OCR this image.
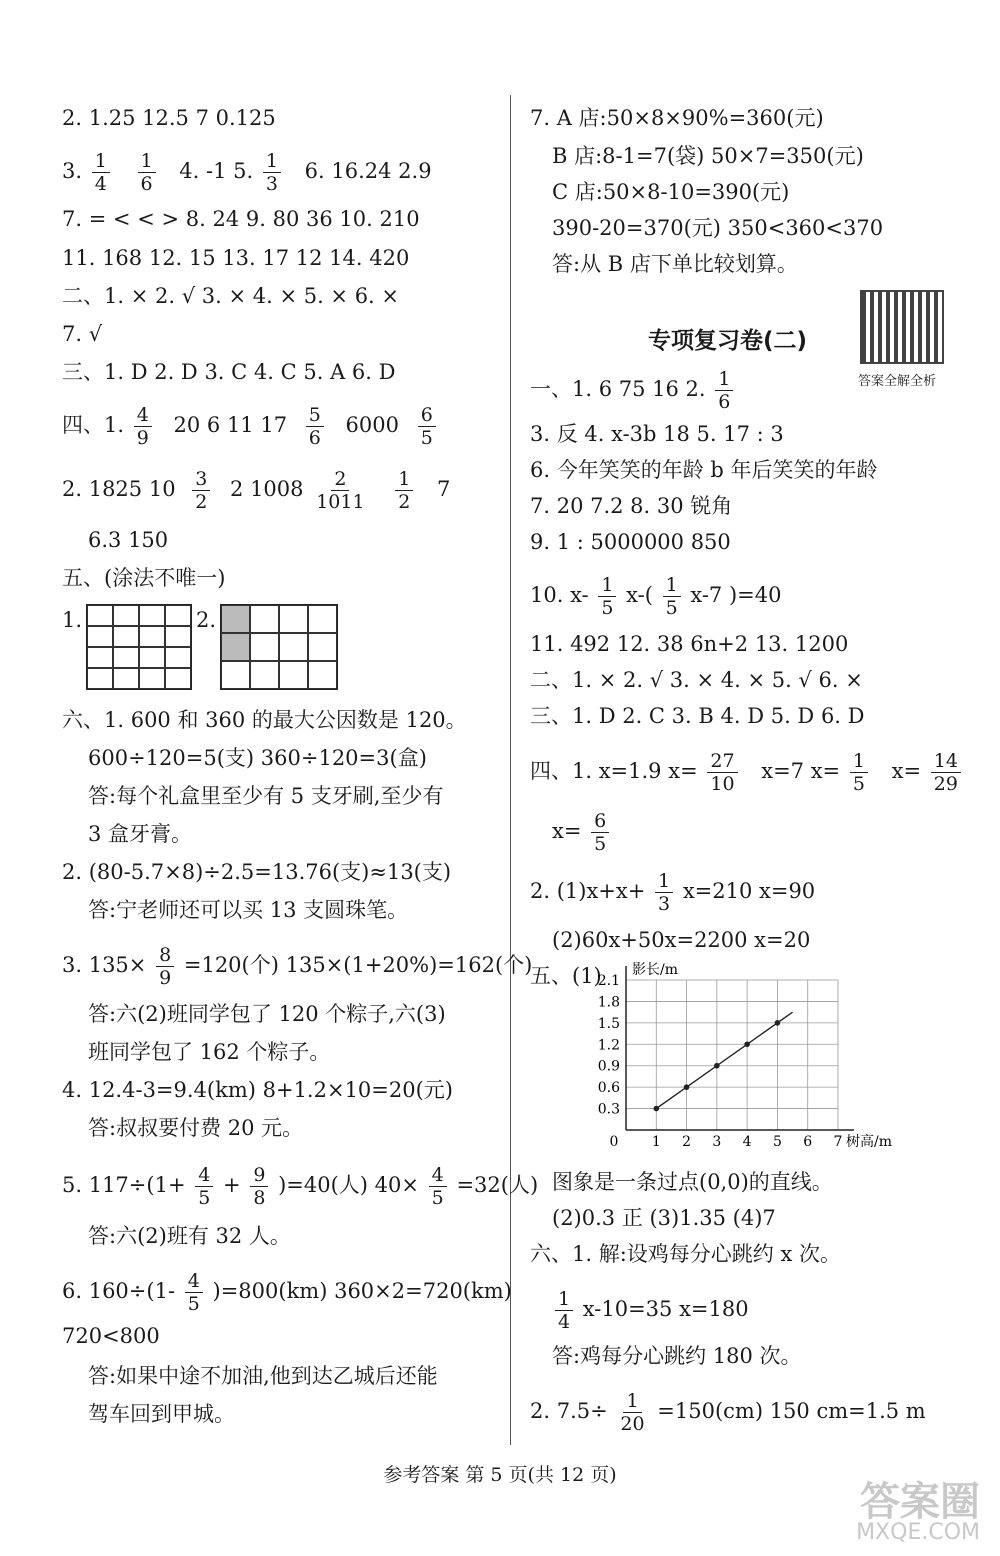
2. 1.25 12.5 7 0.125
3. $\frac{1}{4}$
$\frac{1}{6} 4$. -1 5. $\frac{1}{3} 6$. 16.24 2.9
7. = < < > 8. 24 9. 80 36 10. 210
11. 168 12. 15 13. 17 12 14. 420
二、1. × 2. √ 3. × 4. × 5. × 6. ×
7. √
三、1. D 2. D 3. C 4. C 5. A 6. D
四、1. $\frac{4}{9} 20$ 6 11 $17 \frac{5}{6} 6000 \frac{6}{5}$
2. 1825 $10 \frac{3}{2} 2$ $1008 \frac{2}{1011}$
$\frac{1}{2} 7$
6.3 150
五、(涂法不唯一)
1.	2.
六、1. 600 和 360 的最大公因数是 120。
600÷120=5(支) 360÷120=3(盒)
答:每个礼盒里至少有 5 支牙刷,至少有
3 盒牙膏。
2. (80-5.7×8)÷2.5=13.76(支)≈13(支)
答:宁老师还可以买 13 支圆珠笔。
3. $135\times \frac{8}{9} =120$(个) 135×(1+20%)=162(个)
答:六(2)班同学包了 120 个粽子,六(3)
班同学包了 162 个粽子。
4. 12.4-3=9.4(km) 8+1.2×10=20(元)
答:叔叔要付费 20 元。
5. $117\div(1+ \frac{4}{5} + \frac{9}{8} )=40$(人) $40\times \frac{4}{5} =32$(人)
答:六(2)班有 32 人。
6. $160\div(1- \frac{4}{5} )=800(km)$ 360×2=720(km)
720<800
答:如果中途不加油,他到达乙城后还能
驾车回到甲城。
7. A 店:50×8×90%=360(元)
B 店:8-1=7(袋) 50×7=350(元)
C 店:50×8-10=390(元)
390-20=370(元) 350<360<370
答:从 B 店下单比较划算。
专项复习卷(二)
答案全解全析
一、1. 6 75 16 2. $\frac{1}{6}$
3. 反 4. x-3b 18 5. 17 : 3
6. 今年笑笑的年龄 b 年后笑笑的年龄
7. 20 7.2 8. 30 锐角
9. 1 : 5000000 850
10. $x- \frac{1}{5} x-( \frac{1}{5} x-7$ )=40
11. 492 12. 38 6n+2 13. 1200
二、1. × 2. √ 3. × 4. × 5. √ 6. ×
三、1. D 2. C 3. B 4. D 5. D 6. D
四、1. x=1.9 $x= \frac{27}{10} x=7$ $x= \frac{1}{5} x= \frac{14}{29}$
$x= \frac{6}{5}$
2. $(1)x+x+ \frac{1}{3} x=210$ x=90
(2)60x+50x=2200 x=20
五、(1)
0 1 2 3 4 5 6 7
0.3
0.6
0.9
1.2
1.5
1.8
2.1
影长/m
树高/m
图象是一条过点(0,0)的直线。
(2)0.3 正 (3)1.35 (4)7
六、1. 解:设鸡每分心跳约 x 次。
$\frac{1}{4} x-10=35$ x=180
答:鸡每分心跳约 180 次。
2. $7.5\div \frac{1}{20} =150(cm)$ 150 cm=1.5 m
参考答案 第 5 页(共 12 页)
答案圈
MXQE.COM
